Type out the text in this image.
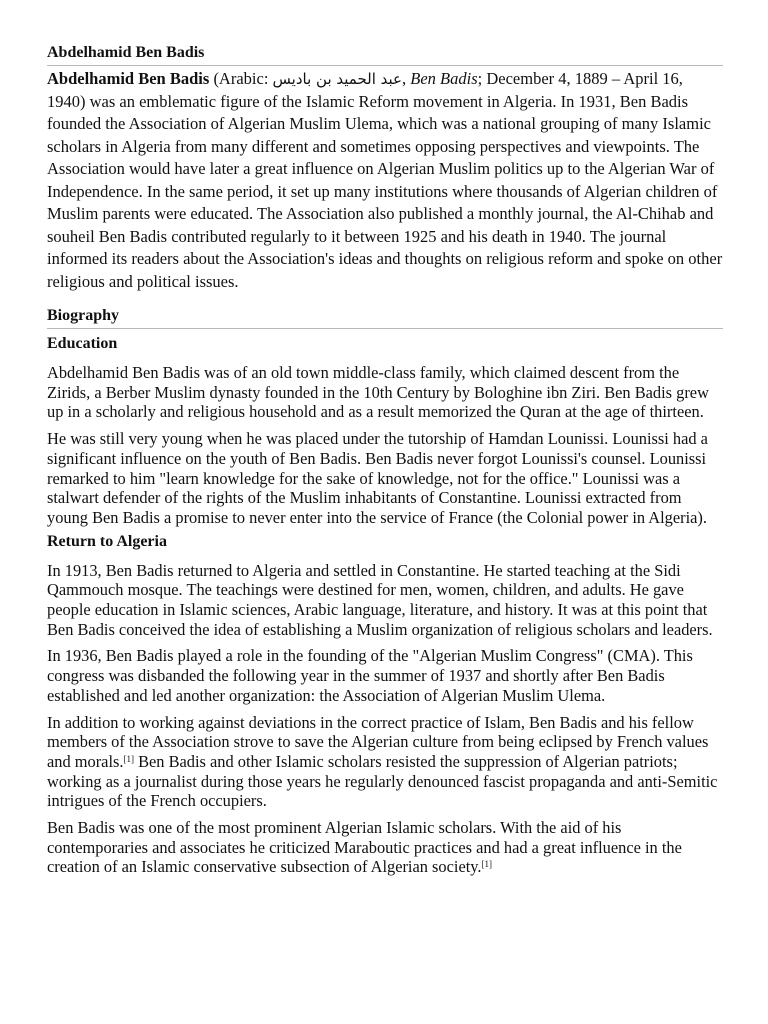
Abdelhamid Ben Badis

Abdelhamid Ben Badis (Arabic: عبد الحميد بن باديس, Ben Badis; December 4, 1889 – April 16, 1940) was an emblematic figure of the Islamic Reform movement in Algeria. In 1931, Ben Badis founded the Association of Algerian Muslim Ulema, which was a national grouping of many Islamic scholars in Algeria from many different and sometimes opposing perspectives and viewpoints. The Association would have later a great influence on Algerian Muslim politics up to the Algerian War of Independence. In the same period, it set up many institutions where thousands of Algerian children of Muslim parents were educated. The Association also published a monthly journal, the Al-Chihab and souheil Ben Badis contributed regularly to it between 1925 and his death in 1940. The journal informed its readers about the Association's ideas and thoughts on religious reform and spoke on other religious and political issues.

Biography
Education

Abdelhamid Ben Badis was of an old town middle-class family, which claimed descent from the Zirids, a Berber Muslim dynasty founded in the 10th Century by Bologhine ibn Ziri. Ben Badis grew up in a scholarly and religious household and as a result memorized the Quran at the age of thirteen.

He was still very young when he was placed under the tutorship of Hamdan Lounissi. Lounissi had a significant influence on the youth of Ben Badis. Ben Badis never forgot Lounissi's counsel. Lounissi remarked to him "learn knowledge for the sake of knowledge, not for the office." Lounissi was a stalwart defender of the rights of the Muslim inhabitants of Constantine. Lounissi extracted from young Ben Badis a promise to never enter into the service of France (the Colonial power in Algeria).

Return to Algeria

In 1913, Ben Badis returned to Algeria and settled in Constantine. He started teaching at the Sidi Qammouch mosque. The teachings were destined for men, women, children, and adults. He gave people education in Islamic sciences, Arabic language, literature, and history. It was at this point that Ben Badis conceived the idea of establishing a Muslim organization of religious scholars and leaders.

In 1936, Ben Badis played a role in the founding of the "Algerian Muslim Congress" (CMA). This congress was disbanded the following year in the summer of 1937 and shortly after Ben Badis established and led another organization: the Association of Algerian Muslim Ulema.

In addition to working against deviations in the correct practice of Islam, Ben Badis and his fellow members of the Association strove to save the Algerian culture from being eclipsed by French values and morals.[1] Ben Badis and other Islamic scholars resisted the suppression of Algerian patriots; working as a journalist during those years he regularly denounced fascist propaganda and anti-Semitic intrigues of the French occupiers.

Ben Badis was one of the most prominent Algerian Islamic scholars. With the aid of his contemporaries and associates he criticized Maraboutic practices and had a great influence in the creation of an Islamic conservative subsection of Algerian society.[1]
